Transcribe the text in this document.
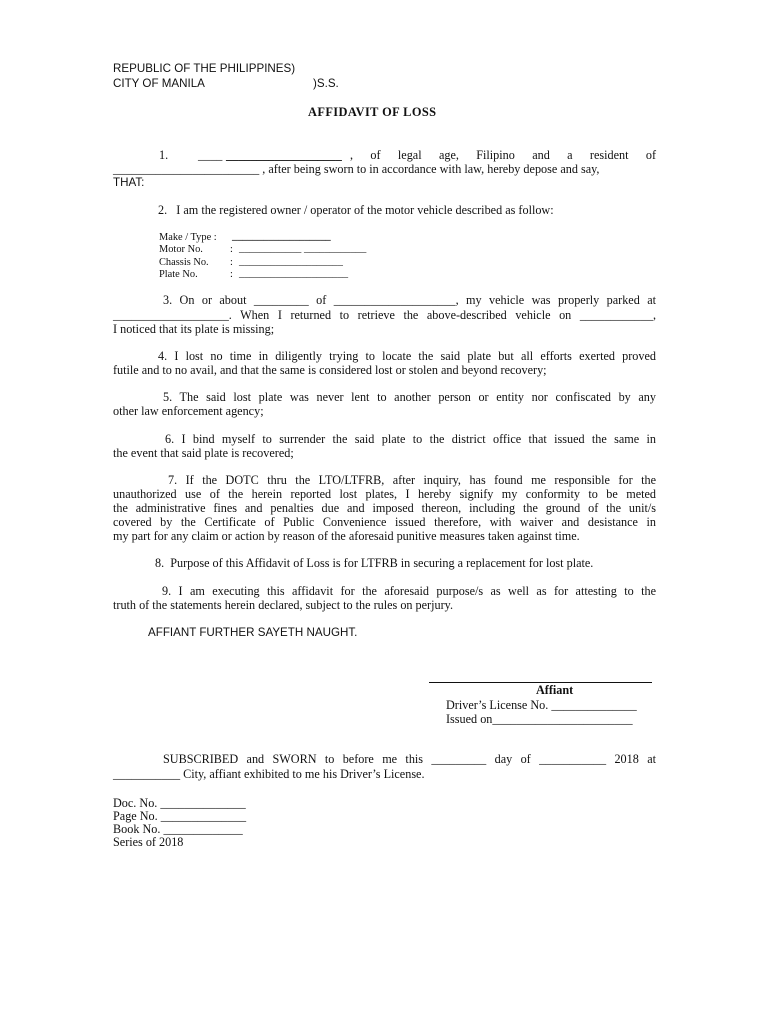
REPUBLIC OF THE PHILIPPINES)
CITY OF MANILA	)S.S.
AFFIDAVIT OF LOSS
1. ____ ___________________ , of legal age, Filipino and a resident of
________________________ , after being sworn to in accordance with law, hereby depose and say,
THAT:
2.   I am the registered owner / operator of the motor vehicle described as follow:
Make / Type : ___________________
Motor No.	: ____________ ____________
Chassis No. : ____________________
Plate No.	: _____________________
3. On or about _________ of ____________________, my vehicle was properly parked at
___________________. When I returned to retrieve the above-described vehicle on ____________,
I noticed that its plate is missing;
4. I lost no time in diligently trying to locate the said plate but all efforts exerted proved
futile and to no avail, and that the same is considered lost or stolen and beyond recovery;
5. The said lost plate was never lent to another person or entity nor confiscated by any
other law enforcement agency;
6. I bind myself to surrender the said plate to the district office that issued the same in
the event that said plate is recovered;
7. If the DOTC thru the LTO/LTFRB, after inquiry, has found me responsible for the
unauthorized use of the herein reported lost plates, I hereby signify my conformity to be meted
the administrative fines and penalties due and imposed thereon, including the ground of the unit/s
covered by the Certificate of Public Convenience issued therefore, with waiver and desistance in
my part for any claim or action by reason of the aforesaid punitive measures taken against time.
8.  Purpose of this Affidavit of Loss is for LTFRB in securing a replacement for lost plate.
9. I am executing this affidavit for the aforesaid purpose/s as well as for attesting to the
truth of the statements herein declared, subject to the rules on perjury.
AFFIANT FURTHER SAYETH NAUGHT.
Affiant
Driver’s License No. ______________
Issued on_______________________
SUBSCRIBED and SWORN to before me this _________ day of ___________ 2018 at
___________ City, affiant exhibited to me his Driver’s License.
Doc. No. ______________
Page No. ______________
Book No. _____________
Series of 2018
